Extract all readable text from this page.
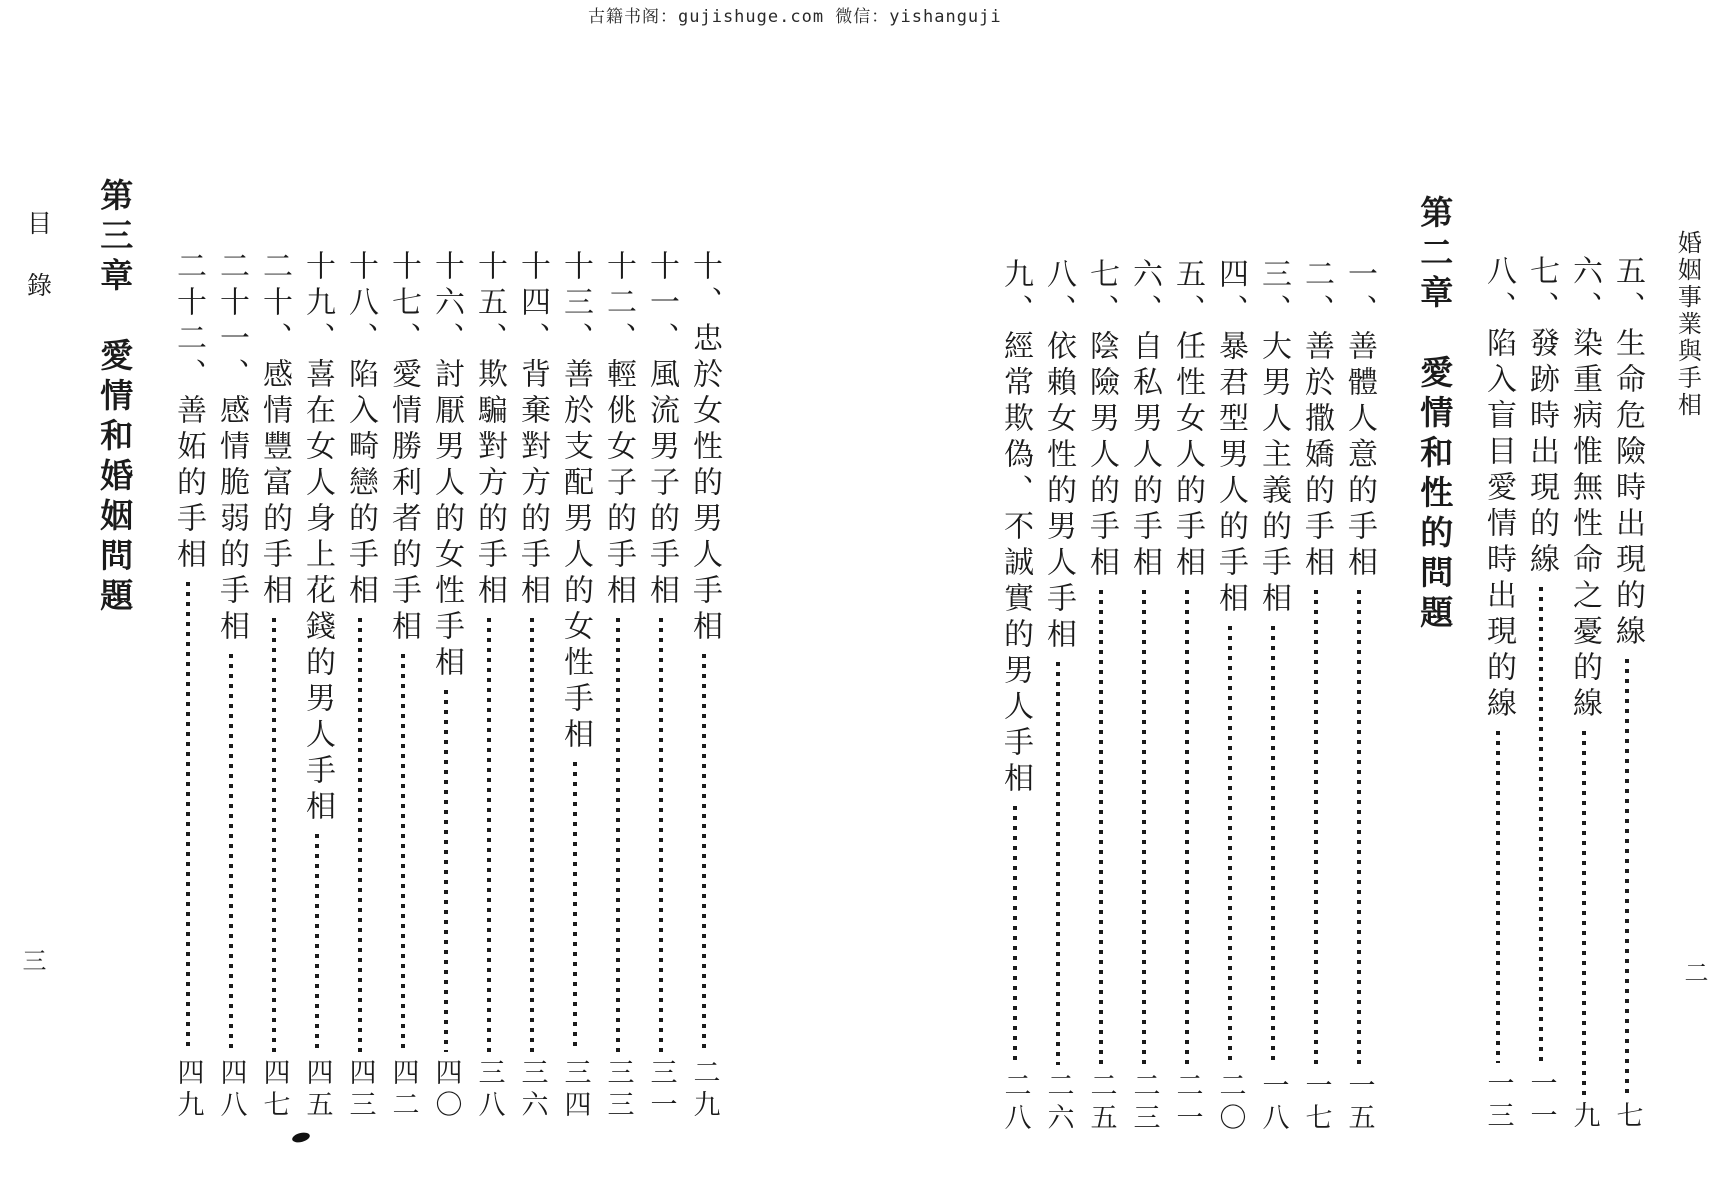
古籍书阁：gujishuge.com 微信：yishanguji
婚姻事業與手相
五、生命危險時出現的線
七
六、染重病惟無性命之憂的線
九
七、發跡時出現的線
一一
八、陷入盲目愛情時出現的線
一三
第二章　愛情和性的問題
一、善體人意的手相
一五
二、善於撒嬌的手相
一七
三、大男人主義的手相
一八
四、暴君型男人的手相
二〇
五、任性女人的手相
二一
六、自私男人的手相
二三
七、陰險男人的手相
二五
八、依賴女性的男人手相
二六
九、經常欺偽、不誠實的男人手相
二八
二
十、忠於女性的男人手相
二九
十一、風流男子的手相
三一
十二、輕佻女子的手相
三三
十三、善於支配男人的女性手相
三四
十四、背棄對方的手相
三六
十五、欺騙對方的手相
三八
十六、討厭男人的女性手相
四〇
十七、愛情勝利者的手相
四二
十八、陷入畸戀的手相
四三
十九、喜在女人身上花錢的男人手相
四五
二十、感情豐富的手相
四七
二十一、感情脆弱的手相
四八
二十二、善妬的手相
四九
第三章　愛情和婚姻問題
目　錄
三
